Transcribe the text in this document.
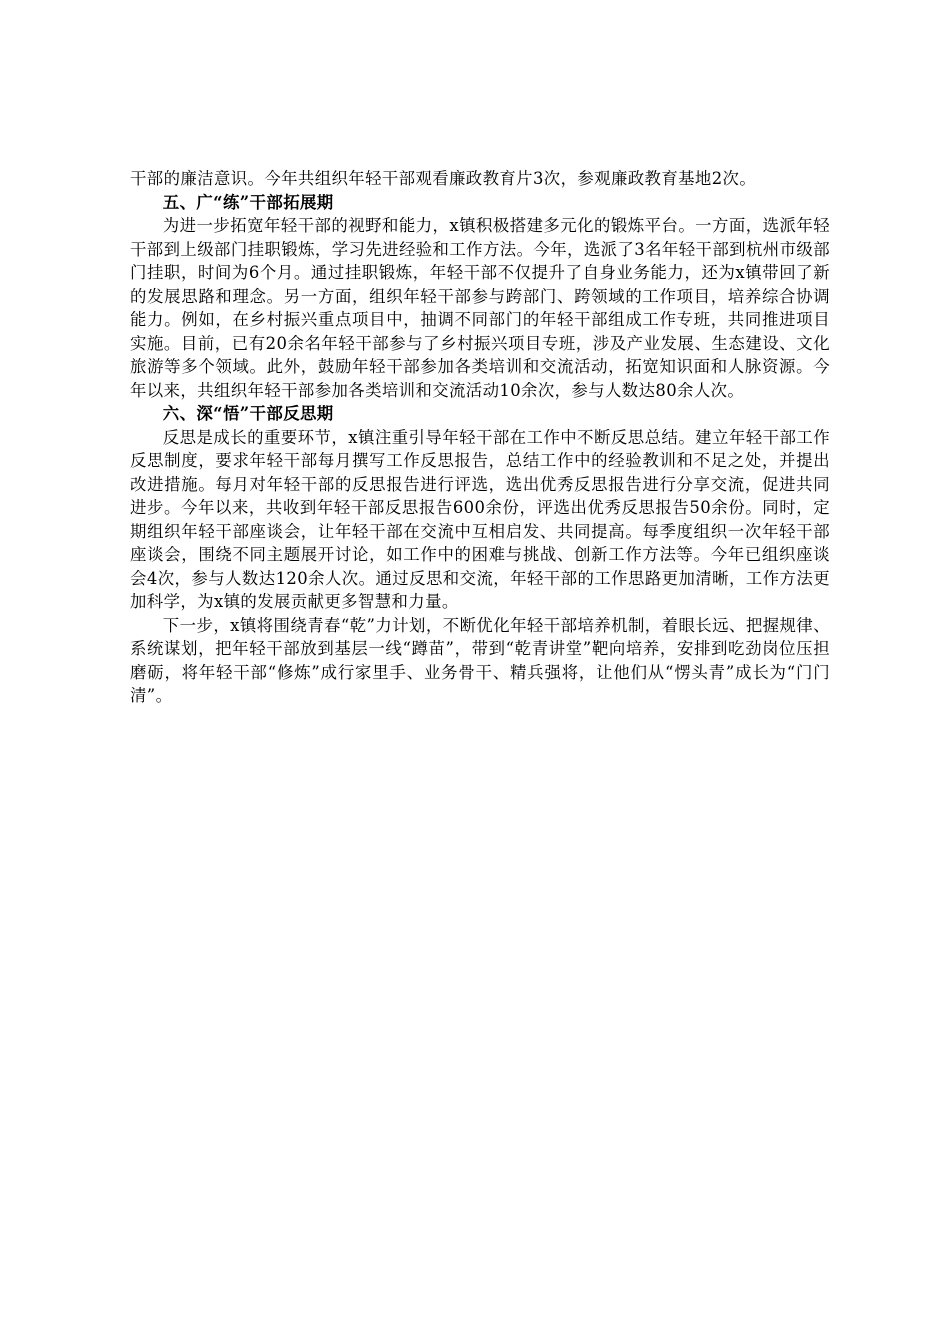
干部的廉洁意识。今年共组织年轻干部观看廉政教育片3次，参观廉政教育基地2次。

五、广“练”干部拓展期

为进一步拓宽年轻干部的视野和能力，x镇积极搭建多元化的锻炼平台。一方面，选派年轻干部到上级部门挂职锻炼，学习先进经验和工作方法。今年，选派了3名年轻干部到杭州市级部门挂职，时间为6个月。通过挂职锻炼，年轻干部不仅提升了自身业务能力，还为x镇带回了新的发展思路和理念。另一方面，组织年轻干部参与跨部门、跨领域的工作项目，培养综合协调能力。例如，在乡村振兴重点项目中，抽调不同部门的年轻干部组成工作专班，共同推进项目实施。目前，已有20余名年轻干部参与了乡村振兴项目专班，涉及产业发展、生态建设、文化旅游等多个领域。此外，鼓励年轻干部参加各类培训和交流活动，拓宽知识面和人脉资源。今年以来，共组织年轻干部参加各类培训和交流活动10余次，参与人数达80余人次。

六、深“悟”干部反思期

反思是成长的重要环节，x镇注重引导年轻干部在工作中不断反思总结。建立年轻干部工作反思制度，要求年轻干部每月撰写工作反思报告，总结工作中的经验教训和不足之处，并提出改进措施。每月对年轻干部的反思报告进行评选，选出优秀反思报告进行分享交流，促进共同进步。今年以来，共收到年轻干部反思报告600余份，评选出优秀反思报告50余份。同时，定期组织年轻干部座谈会，让年轻干部在交流中互相启发、共同提高。每季度组织一次年轻干部座谈会，围绕不同主题展开讨论，如工作中的困难与挑战、创新工作方法等。今年已组织座谈会4次，参与人数达120余人次。通过反思和交流，年轻干部的工作思路更加清晰，工作方法更加科学，为x镇的发展贡献更多智慧和力量。

下一步，x镇将围绕青春“乾”力计划，不断优化年轻干部培养机制，着眼长远、把握规律、系统谋划，把年轻干部放到基层一线“蹲苗”，带到“乾青讲堂”靶向培养，安排到吃劲岗位压担磨砺，将年轻干部“修炼”成行家里手、业务骨干、精兵强将，让他们从“愣头青”成长为“门门清”。
